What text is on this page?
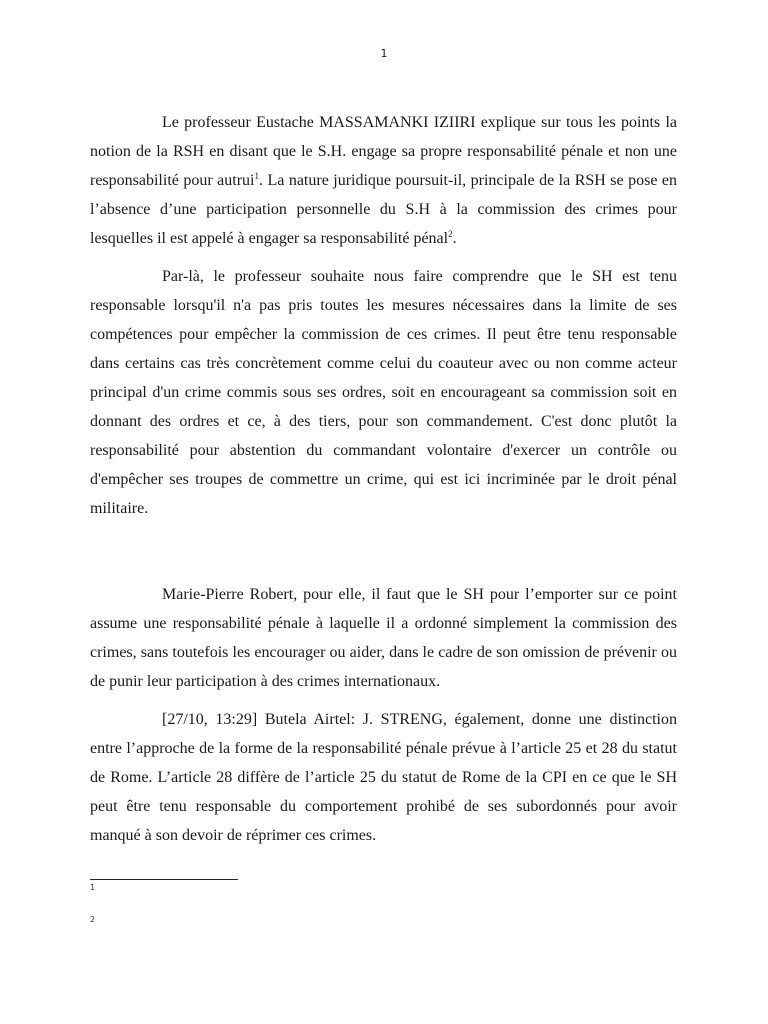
1

Le professeur Eustache MASSAMANKI IZIIRI explique sur tous les points la notion de la RSH en disant que le S.H. engage sa propre responsabilité pénale et non une responsabilité pour autrui$^1$. La nature juridique poursuit-il, principale de la RSH se pose en l’absence d’une participation personnelle du S.H à la commission des crimes pour lesquelles il est appelé à engager sa responsabilité pénal$^2$.

Par-là, le professeur souhaite nous faire comprendre que le SH est tenu responsable lorsqu'il n'a pas pris toutes les mesures nécessaires dans la limite de ses compétences pour empêcher la commission de ces crimes. Il peut être tenu responsable dans certains cas très concrètement comme celui du coauteur avec ou non comme acteur principal d'un crime commis sous ses ordres, soit en encourageant sa commission soit en donnant des ordres et ce, à des tiers, pour son commandement. C'est donc plutôt la responsabilité pour abstention du commandant volontaire d'exercer un contrôle ou d'empêcher ses troupes de commettre un crime, qui est ici incriminée par le droit pénal militaire.

Marie-Pierre Robert, pour elle, il faut que le SH pour l’emporter sur ce point assume une responsabilité pénale à laquelle il a ordonné simplement la commission des crimes, sans toutefois les encourager ou aider, dans le cadre de son omission de prévenir ou de punir leur participation à des crimes internationaux.

[27/10, 13:29] Butela Airtel: J. STRENG, également, donne une distinction entre l’approche de la forme de la responsabilité pénale prévue à l’article 25 et 28 du statut de Rome. L’article 28 diffère de l’article 25 du statut de Rome de la CPI en ce que le SH peut être tenu responsable du comportement prohibé de ses subordonnés pour avoir manqué à son devoir de réprimer ces crimes.

1
2
